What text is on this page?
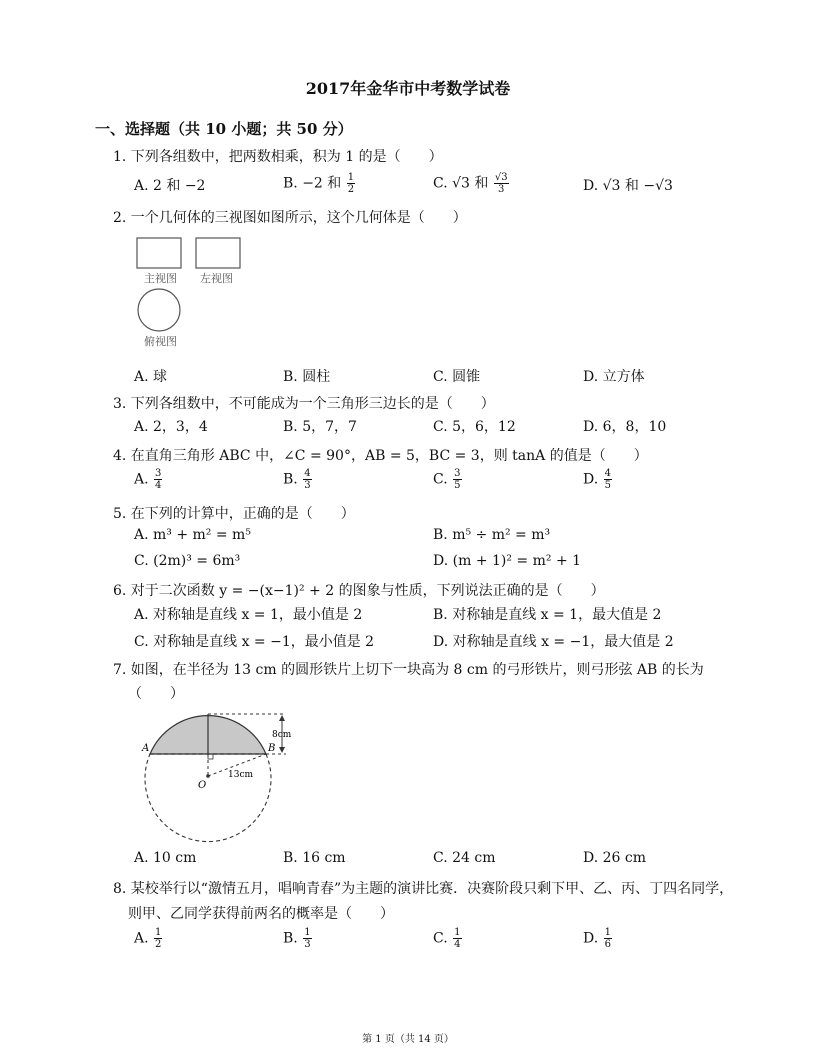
2017年金华市中考数学试卷
一、选择题（共 10 小题；共 50 分）
1. 下列各组数中，把两数相乘，积为 1 的是（　　）
A. 2 和 −2	B. −2 和 $\frac{1}{2}$	C. √3 和 $\frac{√3}{3}$	D. √3 和 −√3
2. 一个几何体的三视图如图所示，这个几何体是（　　）
主视图 左视图
俯视图
A. 球	B. 圆柱	C. 圆锥	D. 立方体
3. 下列各组数中，不可能成为一个三角形三边长的是（　　）
A. 2，3，4	B. 5，7，7	C. 5，6，12	D. 6，8，10
4. 在直角三角形 ABC 中，∠C = 90°，AB = 5，BC = 3，则 tanA 的值是（　　）
A. $\frac{3}{4}$	B. $\frac{4}{3}$	C. $\frac{3}{5}$	D. $\frac{4}{5}$
5. 在下列的计算中，正确的是（　　）
A. m³ + m² = m⁵	B. m⁵ ÷ m² = m³
C. (2m)³ = 6m³	D. (m + 1)² = m² + 1
6. 对于二次函数 y = −(x−1)² + 2 的图象与性质，下列说法正确的是（　　）
A. 对称轴是直线 x = 1，最小值是 2	B. 对称轴是直线 x = 1，最大值是 2
C. 对称轴是直线 x = −1，最小值是 2	D. 对称轴是直线 x = −1，最大值是 2
7. 如图，在半径为 13 cm 的圆形铁片上切下一块高为 8 cm 的弓形铁片，则弓形弦 AB 的长为
（　　）
A	B
O
8cm
13cm
A. 10 cm	B. 16 cm	C. 24 cm	D. 26 cm
8. 某校举行以“激情五月，唱响青春”为主题的演讲比赛．决赛阶段只剩下甲、乙、丙、丁四名同学，
则甲、乙同学获得前两名的概率是（　　）
A. $\frac{1}{2}$	B. $\frac{1}{3}$	C. $\frac{1}{4}$	D. $\frac{1}{6}$
第 1 页（共 14 页）
